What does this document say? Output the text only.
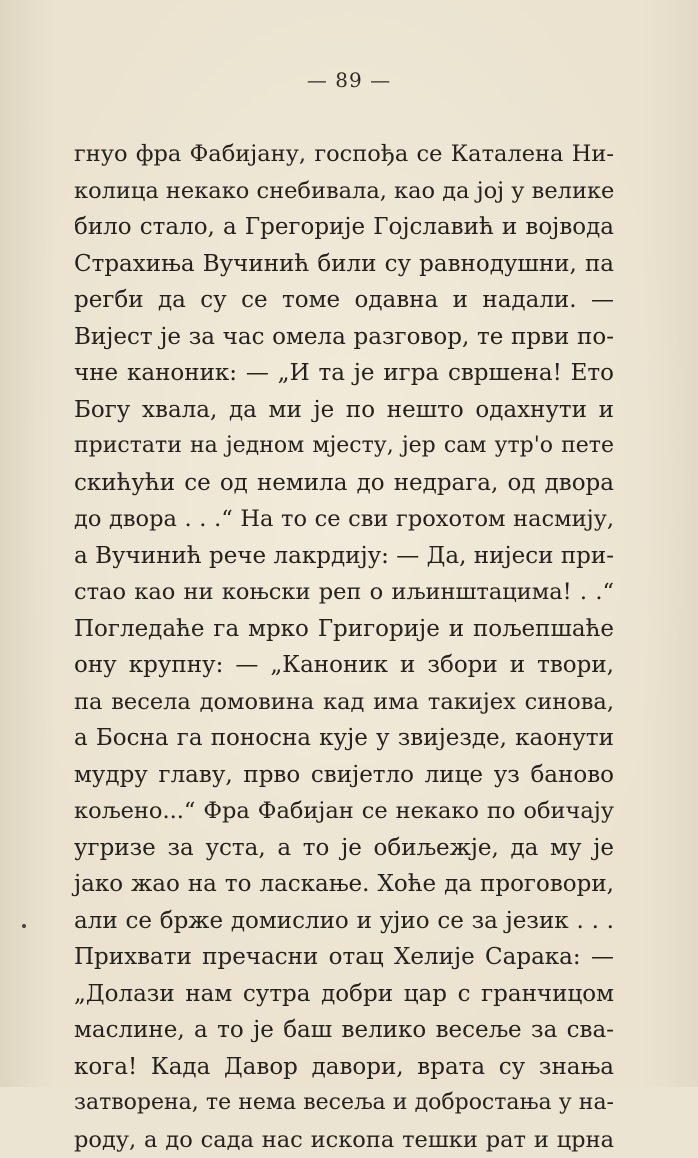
— 89 —
гнуо фра Фабијану, госпођа се Каталена Ни-
колица некако снебивала, као да јој у велике
било стало, а Грегорије Гојславић и војвода
Страхиња Вучинић били су равнодушни, па
регби да су се томе одавна и надали. —
Вијест је за час омела разговор, те први по-
чне каноник: — „И та је игра свршена! Ето
Богу хвала, да ми је по нешто одахнути и
пристати на једном мјесту, јер сам утр'о пете
скићући се од немила до недрага, од двора
до двора . . .“ На то се сви грохотом насмију,
а Вучинић рече лакрдију: — Да, нијеси при-
стао као ни коњски реп о иљинштацима! . .“
Погледаће га мрко Григорије и пољепшаће
ону крупну: — „Каноник и збори и твори,
па весела домовина кад има такијех синова,
а Босна га поносна кује у звијезде, каонути
мудру главу, прво свијетло лице уз бановo
кољено...“ Фра Фабијан се некако по обичају
угризе за уста, а то је обиљежје, да му је
јако жао на то ласкање. Хоће да проговори,
али се брже домислио и ујио се за језик . . .
Прихвати пречасни отац Хелије Сарака: —
„Долази нам сутра добри цар с гранчицом
маслине, а то је баш велико весеље за сва-
кога! Када Давор давори, врата су знања
затворена, те нема весеља и добростања у на-
роду, а до сада нас ископа тешки рат и црна
